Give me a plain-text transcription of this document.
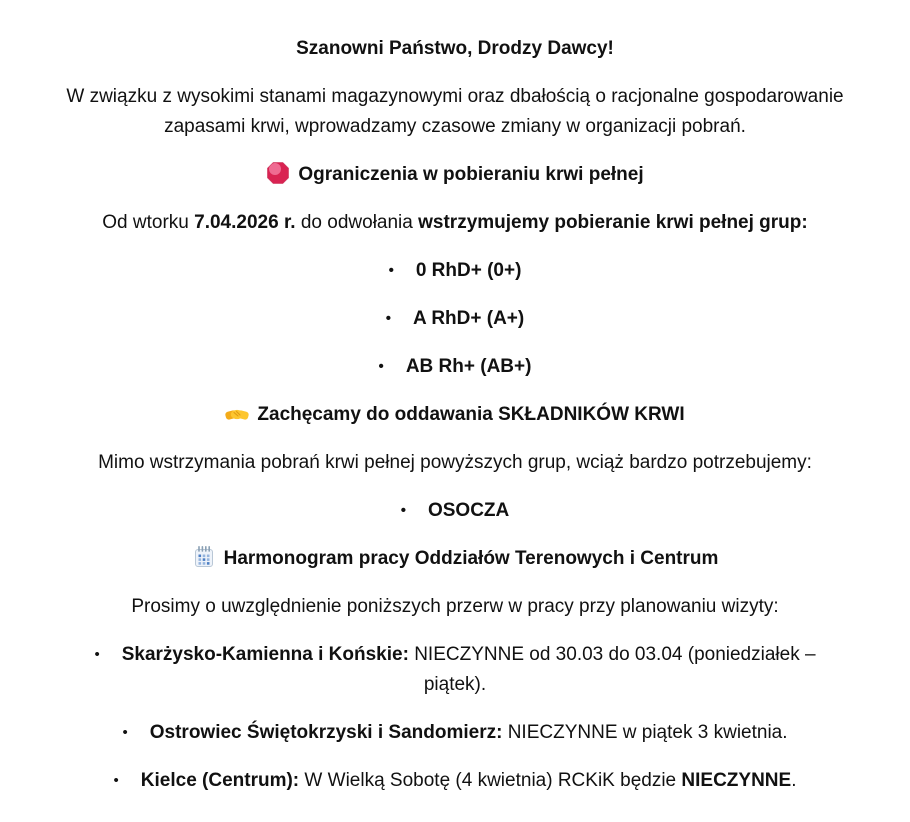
Szanowni Państwo, Drodzy Dawcy!

W związku z wysokimi stanami magazynowymi oraz dbałością o racjonalne gospodarowanie zapasami krwi, wprowadzamy czasowe zmiany w organizacji pobrań.

Ograniczenia w pobieraniu krwi pełnej

Od wtorku 7.04.2026 r. do odwołania wstrzymujemy pobieranie krwi pełnej grup:

• 0 RhD+ (0+)

• A RhD+ (A+)

• AB Rh+ (AB+)

Zachęcamy do oddawania SKŁADNIKÓW KRWI

Mimo wstrzymania pobrań krwi pełnej powyższych grup, wciąż bardzo potrzebujemy:

• OSOCZA

Harmonogram pracy Oddziałów Terenowych i Centrum

Prosimy o uwzględnienie poniższych przerw w pracy przy planowaniu wizyty:

• Skarżysko-Kamienna i Końskie: NIECZYNNE od 30.03 do 03.04 (poniedziałek – piątek).

• Ostrowiec Świętokrzyski i Sandomierz: NIECZYNNE w piątek 3 kwietnia.

• Kielce (Centrum): W Wielką Sobotę (4 kwietnia) RCKiK będzie NIECZYNNE.
